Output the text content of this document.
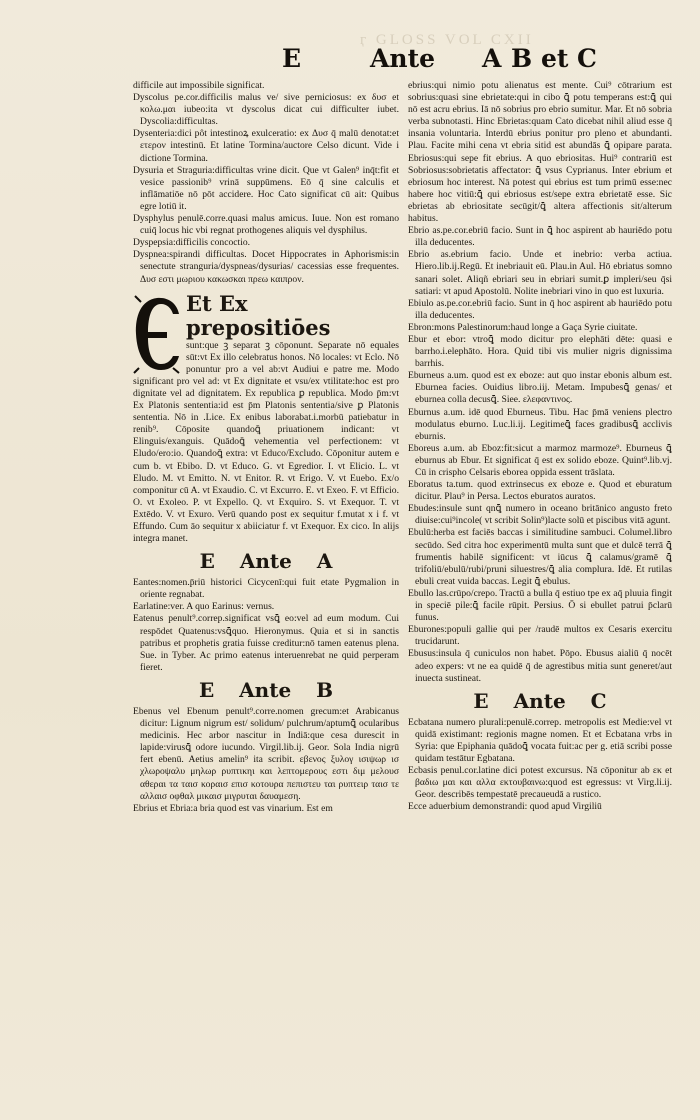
ӷ GLOSS VOL CXII
E	Ante A B et C

difficile aut impossibile significat.

Dyscolus pe.cor.difficilis malus ve/ sive perniciosus: ex δυσ et κολω.μαι iubeo:ita vt dyscolus dicat cui difficulter iubet. Dyscolia:difficultas.

Dysenteria:dici pôt intestinoꝝ exulceratio: ex Δυσ q̄ malū denotat:et ετερον intestinū. Et latine Tormina/auctore Celso dicunt. Vide i dictione Tormina.

Dysuria et Straguria:difficultas vrine dicit. Que vt Galen⁹ inq̄t:fit et vesice passionib⁹ vrinā suppūmens. Eō q̄ sine calculis et inflāmatiōe nō pōt accidere. Hoc Cato significat cū ait: Quibus egre lotiū it.

Dysphylus penulē.corre.quasi malus amicus. Iuue. Non est romano cuiq̄ locus hic vbi regnat prothogenes aliquis vel dysphilus.

Dyspepsia:difficilis concoctio.

Dyspnea:spirandi difficultas. Docet Hippocrates in Aphorismis:in senectute stranguria/dyspneas/dysurias/ cacessias esse frequentes. Δυσ εστι μωριου κακωσκαι πρεω καιπρον.

Et Ex prepositiōes

sunt:que ꝫ separat ꝫ cōponunt. Separate nō equales sūt:vt Ex illo celebratus honos. Nō locales: vt Eclo. Nō ponuntur pro a vel ab:vt Audiui e patre me. Modo significant pro vel ad: vt Ex dignitate et vsu/ex vtilitate:hoc est pro dignitate vel ad dignitatem. Ex republica ꝑ republica. Modo p̄m:vt Ex Platonis sententia:id est p̄m Platonis sententia/sive ꝑ Platonis sententia. Nō in .Lice. Ex enibus laborabat.i.morbū patiebatur in renib⁹. Cōposite quandoꝗ̄ priuationem indicant: vt Elinguis/exanguis. Quādoꝗ̄ vehementia vel perfectionem: vt Eludo/ero:io. Quandoꝗ̄ extra: vt Educo/Excludo. Cōponitur autem e cum b. vt Ebibo. D. vt Educo. G. vt Egredior. I. vt Elicio. L. vt Eludo. M. vt Emitto. N. vt Enitor. R. vt Erigo. V. vt Euebo. Ex/o componitur cū A. vt Exaudio. C. vt Excurro. E. vt Exeo. F. vt Efficio. O. vt Exoleo. P. vt Expello. Q. vt Exquiro. S. vt Exequor. T. vt Extēdo. V. vt Exuro. Verū quando post ex sequitur f.mutat x i f. vt Effundo. Cum āo sequitur x abiiciatur f. vt Exequor. Ex cico. In alijs integra manet.

E Ante A

Eantes:nomen.p̄riū historici Cicycenī:qui fuit etate Pygmalion in oriente regnabat.

Earlatine:ver. A quo Earinus: vernus.

Eatenus penult⁹.correp.significat vsꝗ̄ eo:vel ad eum modum. Cui respōdet Quatenus:vsꝗ̄quo. Hieronymus. Quia et si in sanctis patribus et prophetis gratia fuisse creditur:nō tamen eatenus plena. Sue. in Tyber. Ac primo eatenus interuenrebat ne quid perperam fieret.

E Ante B

Ebenus vel Ebenum penult⁹.corre.nomen grecum:et Arabicanus dicitur: Lignum nigrum est/ solidum/ pulchrum/aptumꝗ̄ ocularibus medicinis. Hec arbor nascitur in Indiā:que cesa durescit in lapide:virusꝗ̄ odore iucundo. Virgil.lib.ij. Geor. Sola India nigrū fert ebenū. Aetius amelin⁹ ita scribit. εβενος ξυλογ ισιψωρ ισ χλωροψαλυ μηλωρ ρυπτικηι και λεπτομερους εστι διμ μελουσ αθεραι τα ταισ κοραισ επισ κοτουρα πεπιστευ ται ρυπτειρ ταισ τε αλλαισ οφθαλ μικαισ μιγρυται δαυαμεση.

Ebrius et Ebria:a bria quod est vas vinarium. Est em

ebrius:qui nimio potu alienatus est mente. Cui⁹ cōtrarium est sobrius:quasi sine ebrietate:qui in cibo ꝗ̄ potu temperans est:ꝗ̄ qui nō est acru ebrius. Iā nō sobrius pro ebrio sumitur. Mar. Et nō sobria verba subnotasti. Hinc Ebrietas:quam Cato dicebat nihil aliud esse q̄ insania voluntaria. Interdū ebrius ponitur pro pleno et abundanti. Plau. Facite mihi cena vt ebria sitid est abundās ꝗ̄ opipare parata. Ebriosus:qui sepe fit ebrius. A quo ebriositas. Hui⁹ contrariū est Sobriosus:sobrietatis affectator: ꝗ̄ vsus Cyprianus. Inter ebrium et ebriosum hoc interest. Nā potest qui ebrius est tum primū esse:nec habere hoc vitiū:ꝗ̄ qui ebriosus est/sepe extra ebrietatē esse. Sic ebrietas ab ebriositate secūgit/ꝗ̄ altera affectionis sit/alterum habitus.

Ebrio as.pe.cor.ebriū facio. Sunt in ꝗ̄ hoc aspirent ab hauriēdo potu illa deducentes.

Ebrio as.ebrium facio. Unde et inebrio: verba actiua. Hiero.lib.ij.Regū. Et inebriauit eū. Plau.in Aul. Hō ebriatus somno sanari solet. Aliqñ ebriari seu in ebriari sumit.ꝑ impleri/seu q̄si satiari: vt apud Apostolū. Nolite inebriari vino in quo est luxuria.

Ebiulo as.pe.cor.ebriū facio. Sunt in q̄ hoc aspirent ab hauriēdo potu illa deducentes.

Ebron:mons Palestinorum:haud longe a Gaça Syrie ciuitate.

Ebur et ebor: vtroꝗ̄ modo dicitur pro elephāti dēte: quasi e barrho.i.elephāto. Hora. Quid tibi vis mulier nigris dignissima barrhis.

Eburneus a.um. quod est ex eboze: aut quo instar ebonis album est. Eburnea facies. Ouidius libro.iij. Metam. Impubesꝗ̄ genas/ et eburnea colla decusꝗ̄. Siee. ελεφαντινος.

Eburnus a.um. idē quod Eburneus. Tibu. Hac p̄mā veniens plectro modulatus eburno. Luc.li.ij. Legitimeꝗ̄ faces gradibusꝗ̄ acclivis eburnis.

Eboreus a.um. ab Eboz:fit:sicut a marmoz marmoze⁹. Eburneus ꝗ̄ eburnus ab Ebur. Et significat q̄ est ex solido eboze. Quint⁹.lib.vj. Cū in crispho Celsaris eborea oppida essent trāslata.

Eboratus ta.tum. quod extrinsecus ex eboze e. Quod et eburatum dicitur. Plau⁹ in Persa. Lectos eburatos auratos.

Ebudes:insule sunt qnꝗ̄ numero in oceano britānico angusto freto diuise:cui⁹incole( vt scribit Solin⁹)lacte solū et piscibus vitā agunt.

Ebulū:herba est faciēs baccas i similitudine sambuci. Columel.libro secūdo. Sed citra hoc experimentū multa sunt que et dulcē terrā ꝗ̄ frumentis habilē significent: vt iūcus ꝗ̄ calamus/gramē ꝗ̄ trifoliū/ebulū/rubi/pruni siluestres/ꝗ̄ alia complura. Idē. Et rutilas ebuli creat vuida baccas. Legit ꝗ̄ ebulus.

Ebullo las.crūpo/crepo. Tractū a bulla q̄ estiuo tpe ex aq̄ pluuia fingit in speciē pile:ꝗ̄ facile rūpit. Persius. Ō si ebullet patrui p̄clarū funus.

Eburones:populi gallie qui per /raudē multos ex Cesaris exercitu trucidarunt.

Ebusus:insula q̄ cuniculos non habet. Pōpo. Ebusus aialiū q̄ nocēt adeo expers: vt ne ea quidē q̄ de agrestibus mitia sunt generet/aut inuecta sustineat.

E Ante C

Ecbatana numero plurali:penulē.correp. metropolis est Medie:vel vt quidā existimant: regionis magne nomen. Et et Ecbatana vrbs in Syria: que Epiphania quādoꝗ̄ vocata fuit:ac per g. etiā scribi posse quidam testātur Egbatana.

Ecbasis penul.cor.latine dici potest excursus. Nā cōponitur ab εκ et βαδιω μαι και αλλα εκτουβαινω:quod est egressus: vt Virg.li.ij. Geor. describēs tempestatē precaueudā a rustico.

Ecce aduerbium demonstrandi: quod apud Virgiliū
